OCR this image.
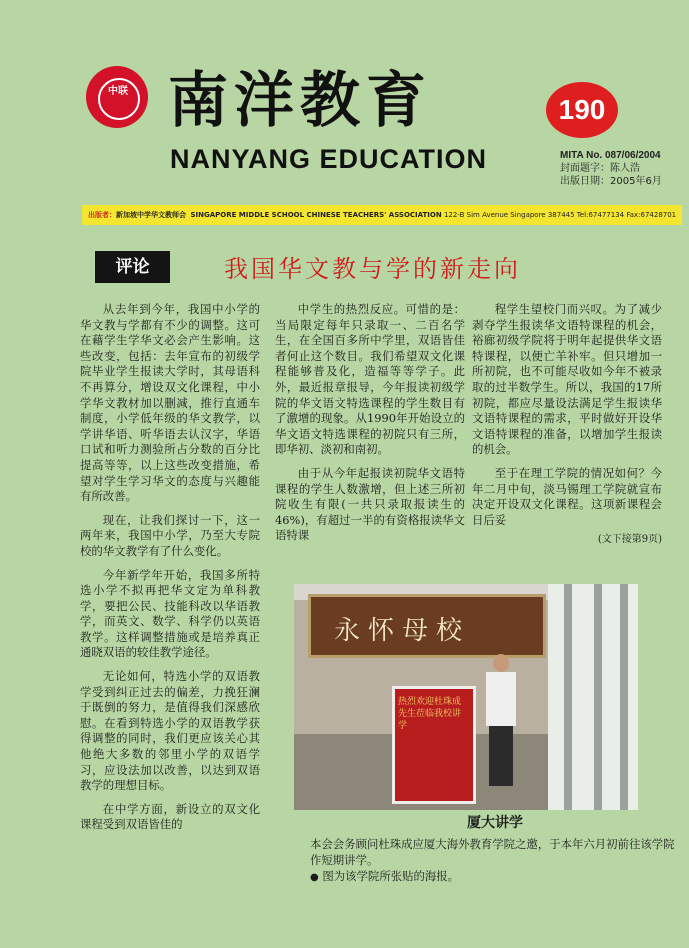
中联 南洋教育
NANYANG EDUCATION
190
MITA No. 087/06/2004
封面题字：陈人浩
出版日期：2005年6月
出版者：新加坡中学华文教师会 SINGAPORE MIDDLE SCHOOL CHINESE TEACHERS' ASSOCIATION 122-B Sim Avenue Singapore 387445 Tel:67477134 Fax:67428701
评论	我国华文教与学的新走向

从去年到今年，我国中小学的华文教与学都有不少的调整。这可在藉学生学华文必会产生影响。这些改变，包括：去年宣布的初级学院毕业学生报读大学时，其母语科不再算分，增设双文化课程，中小学华文教材加以删减，推行直通车制度，小学低年级的华文教学，以学讲华语、听华语去认汉字，华语口试和听力测验所占分数的百分比提高等等，以上这些改变措施，希望对学生学习华文的态度与兴趣能有所改善。

现在，让我们探讨一下，这一两年来，我国中小学，乃至大专院校的华文教学有了什么变化。

今年新学年开始，我国多所特选小学不拟再把华文定为单科教学，要把公民、技能科改以华语教学，而英文、数学、科学仍以英语教学。这样调整措施或是培养真正通晓双语的较佳教学途径。

无论如何，特选小学的双语教学受到纠正过去的偏差，力挽狂澜于既倒的努力，是值得我们深感欣慰。在看到特选小学的双语教学获得调整的同时，我们更应该关心其他绝大多数的邻里小学的双语学习，应设法加以改善，以达到双语教学的理想目标。

在中学方面，新设立的双文化课程受到双语皆佳的

中学生的热烈反应。可惜的是：当局限定每年只录取一、二百名学生，在全国百多所中学里，双语皆佳者何止这个数目。我们希望双文化课程能够普及化，造福等等学子。此外，最近报章报导，今年报读初级学院的华文语文特选课程的学生数目有了激增的现象。从1990年开始设立的华文语文特选课程的初院只有三所，即华初、淡初和南初。

由于从今年起报读初院华文语特课程的学生人数激增，但上述三所初院收生有限(一共只录取报读生的46%)，有超过一半的有资格报读华文语特课

程学生望校门而兴叹。为了减少剥夺学生报读华文语特课程的机会，裕廊初级学院将于明年起提供华文语特课程，以便亡羊补牢。但只增加一所初院，也不可能尽收如今年不被录取的过半数学生。所以，我国的17所初院，都应尽量设法满足学生报读华文语特课程的需求，平时做好开设华文语特课程的准备，以增加学生报读的机会。

至于在理工学院的情况如何？今年二月中旬，淡马锡理工学院就宣布决定开设双文化课程。这项新课程会日后妥

(文下接第9页)
永怀母校
热烈欢迎杜珠成先生莅临我校讲学
厦大讲学
本会会务顾问杜珠成应厦大海外教育学院之邀，于本年六月初前往该学院作短期讲学。
● 图为该学院所张贴的海报。
